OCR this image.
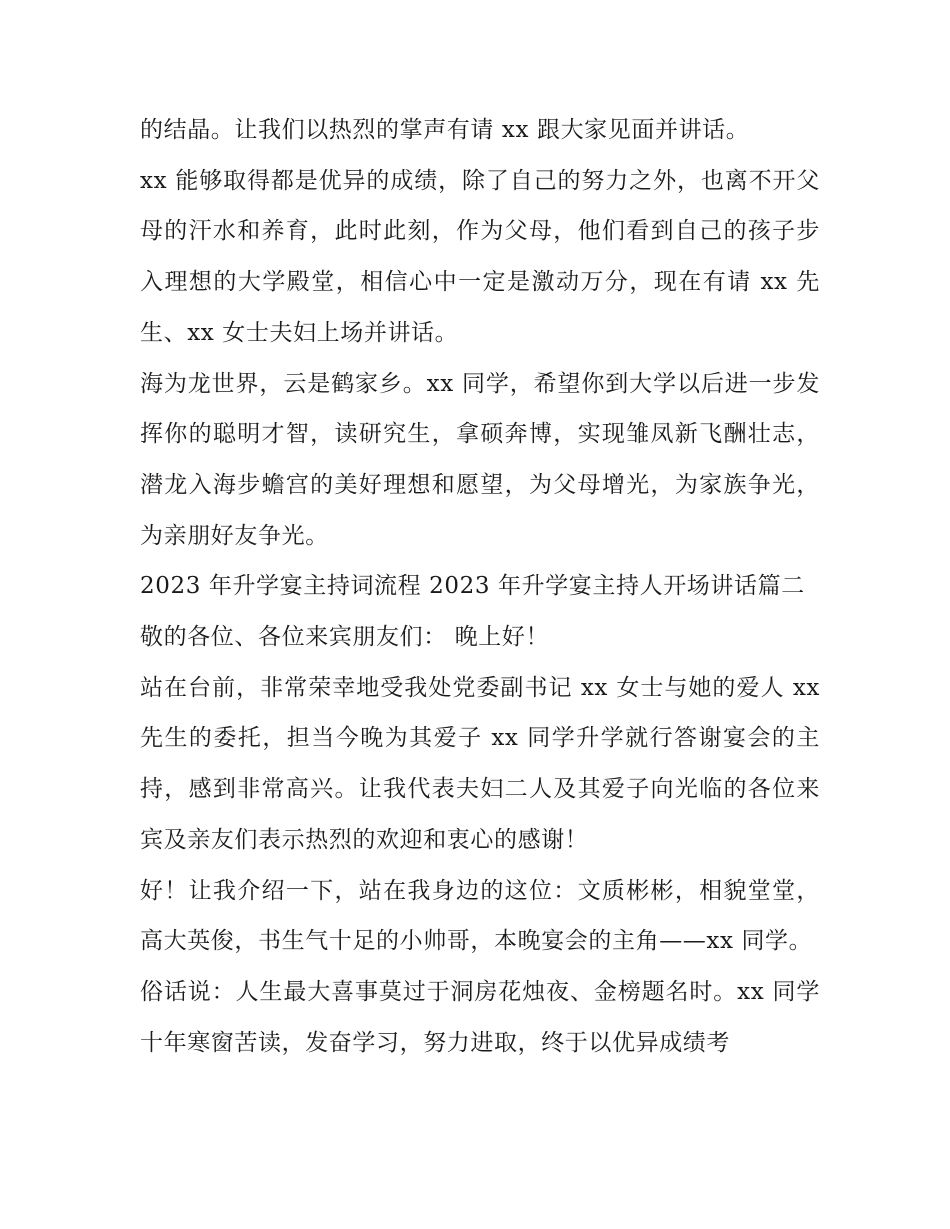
的结晶。让我们以热烈的掌声有请 xx 跟大家见面并讲话。

xx 能够取得都是优异的成绩，除了自己的努力之外，也离不开父母的汗水和养育，此时此刻，作为父母，他们看到自己的孩子步入理想的大学殿堂，相信心中一定是激动万分，现在有请 xx 先生、xx 女士夫妇上场并讲话。

海为龙世界，云是鹤家乡。xx 同学，希望你到大学以后进一步发挥你的聪明才智，读研究生，拿硕奔博，实现雏凤新飞酬壮志，潜龙入海步蟾宫的美好理想和愿望，为父母增光，为家族争光，为亲朋好友争光。

2023 年升学宴主持词流程 2023 年升学宴主持人开场讲话篇二

敬的各位、各位来宾朋友们： 晚上好！

站在台前，非常荣幸地受我处党委副书记 xx 女士与她的爱人 xx 先生的委托，担当今晚为其爱子 xx 同学升学就行答谢宴会的主持，感到非常高兴。让我代表夫妇二人及其爱子向光临的各位来宾及亲友们表示热烈的欢迎和衷心的感谢！

好！让我介绍一下，站在我身边的这位：文质彬彬，相貌堂堂，高大英俊，书生气十足的小帅哥，本晚宴会的主角——xx 同学。

俗话说：人生最大喜事莫过于洞房花烛夜、金榜题名时。xx 同学十年寒窗苦读，发奋学习，努力进取，终于以优异成绩考
